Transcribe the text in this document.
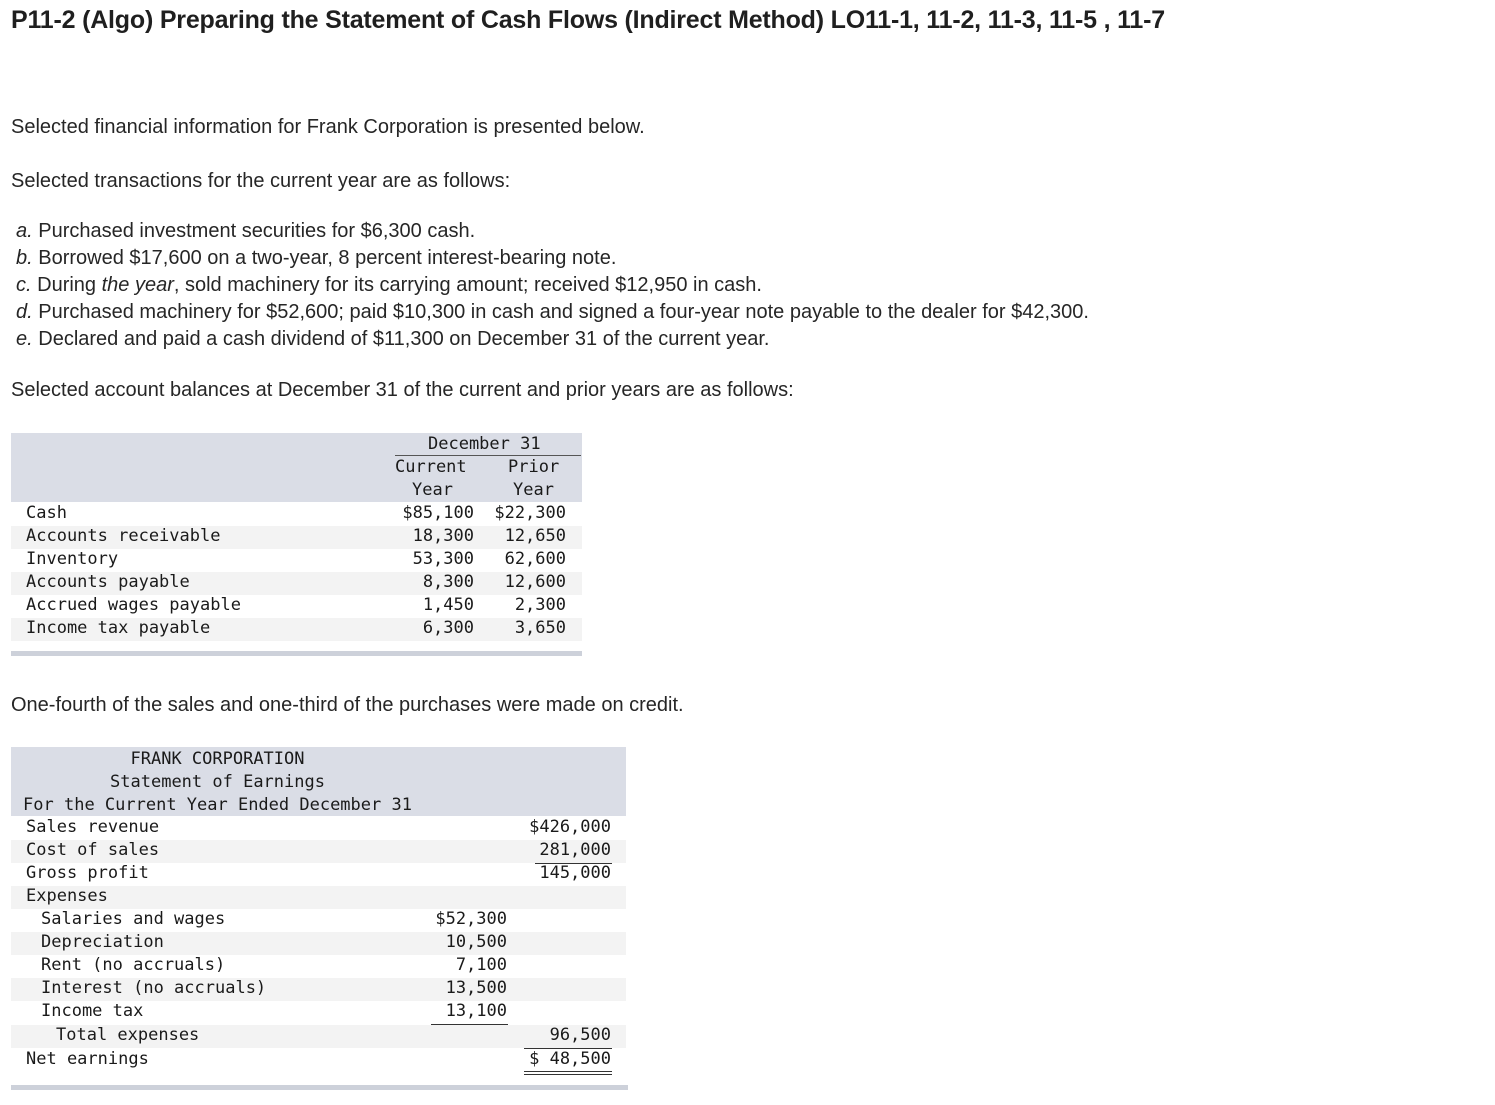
P11-2 (Algo) Preparing the Statement of Cash Flows (Indirect Method) LO11-1, 11-2, 11-3, 11-5 , 11-7
Selected financial information for Frank Corporation is presented below.
Selected transactions for the current year are as follows:
a. Purchased investment securities for $6,300 cash.
b. Borrowed $17,600 on a two-year, 8 percent interest-bearing note.
c. During the year, sold machinery for its carrying amount; received $12,950 in cash.
d. Purchased machinery for $52,600; paid $10,300 in cash and signed a four-year note payable to the dealer for $42,300.
e. Declared and paid a cash dividend of $11,300 on December 31 of the current year.
Selected account balances at December 31 of the current and prior years are as follows:
December 31
Current
Year
Prior
Year
Cash	$85,100 $22,300
Accounts receivable	18,300 12,650
Inventory	53,300 62,600
Accounts payable	8,300 12,600
Accrued wages payable	1,450 2,300
Income tax payable	6,300 3,650
One-fourth of the sales and one-third of the purchases were made on credit.
FRANK CORPORATION
Statement of Earnings
For the Current Year Ended December 31
Sales revenue	$426,000
Cost of sales	281,000
Gross profit	145,000
Expenses
Salaries and wages	$52,300
Depreciation	10,500
Rent (no accruals)	7,100
Interest (no accruals)	13,500
Income tax	13,100
Total expenses	96,500
Net earnings	$ 48,500
